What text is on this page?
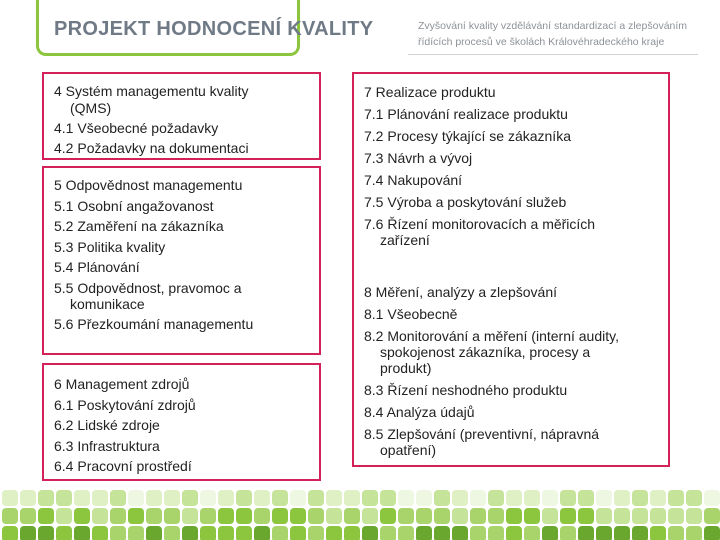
PROJEKT HODNOCENÍ KVALITY	Zvyšování kvality vzdělávání standardizací a zlepšováním
řídících procesů ve školách Královéhradeckého kraje
4 Systém managementu kvality
(QMS)
4.1 Všeobecné požadavky
4.2 Požadavky na dokumentaci
5 Odpovědnost managementu
5.1 Osobní angažovanost
5.2 Zaměření na zákazníka
5.3 Politika kvality
5.4 Plánování
5.5 Odpovědnost, pravomoc a
komunikace
5.6 Přezkoumání managementu
6 Management zdrojů
6.1 Poskytování zdrojů
6.2 Lidské zdroje
6.3 Infrastruktura
6.4 Pracovní prostředí
7 Realizace produktu
7.1 Plánování realizace produktu
7.2 Procesy týkající se zákazníka
7.3 Návrh a vývoj
7.4 Nakupování
7.5 Výroba a poskytování služeb
7.6 Řízení monitorovacích a měřicích
zařízení
8 Měření, analýzy a zlepšování
8.1 Všeobecně
8.2 Monitorování a měření (interní audity,
spokojenost zákazníka, procesy a
produkt)
8.3 Řízení neshodného produktu
8.4 Analýza údajů
8.5 Zlepšování (preventivní, nápravná
opatření)
